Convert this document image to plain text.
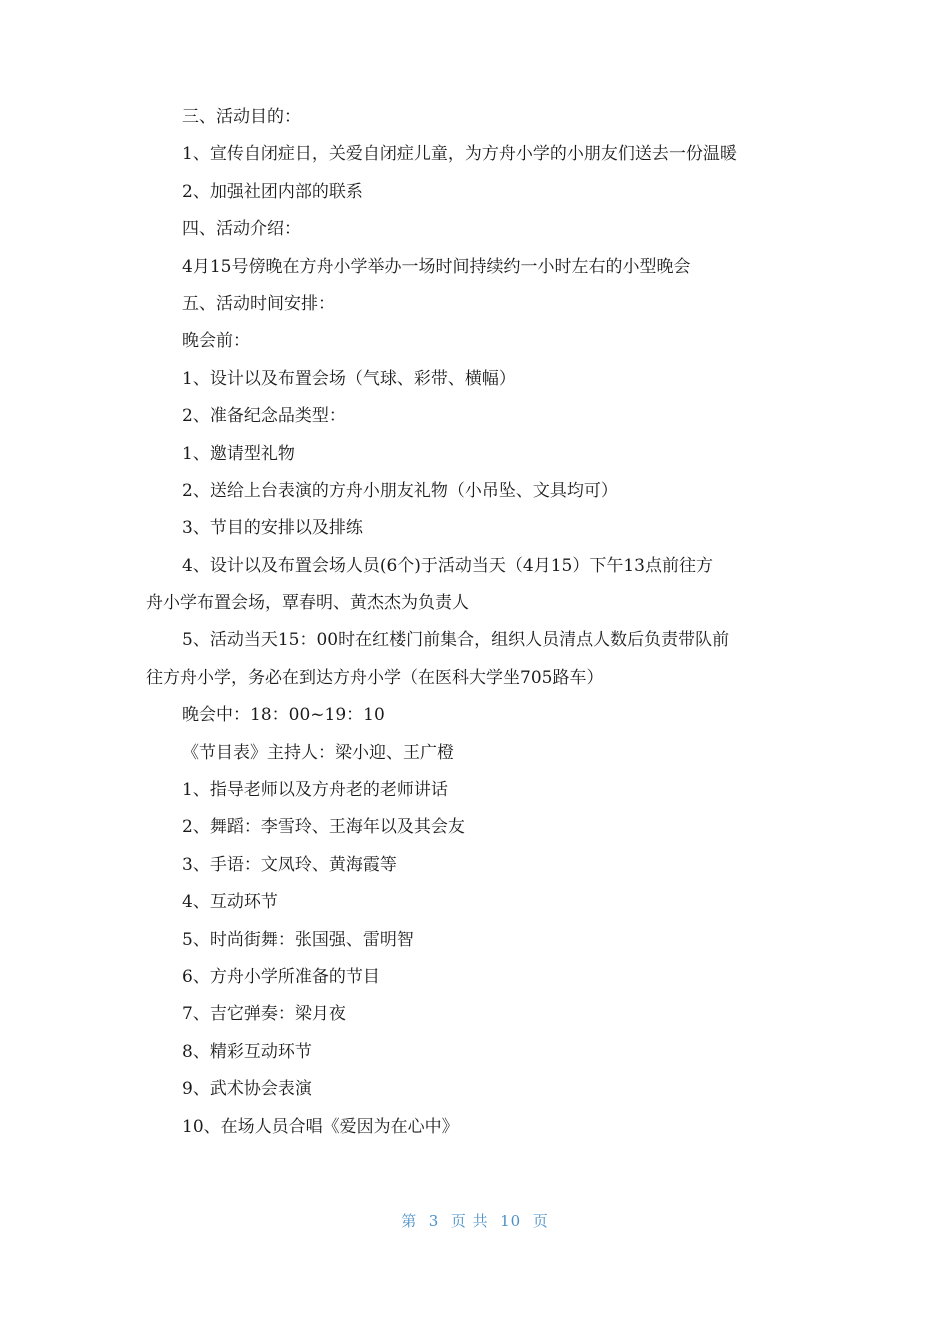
三、活动目的：
1、宣传自闭症日，关爱自闭症儿童，为方舟小学的小朋友们送去一份温暖
2、加强社团内部的联系
四、活动介绍：
4月15号傍晚在方舟小学举办一场时间持续约一小时左右的小型晚会
五、活动时间安排：
晚会前：
1、设计以及布置会场（气球、彩带、横幅）
2、准备纪念品类型：
1、邀请型礼物
2、送给上台表演的方舟小朋友礼物（小吊坠、文具均可）
3、节目的安排以及排练
4、设计以及布置会场人员(6个)于活动当天（4月15）下午13点前往方
舟小学布置会场，覃春明、黄杰杰为负责人
5、活动当天15：00时在红楼门前集合，组织人员清点人数后负责带队前
往方舟小学，务必在到达方舟小学（在医科大学坐705路车）
晚会中：18：00~19：10
《节目表》主持人：梁小迎、王广橙
1、指导老师以及方舟老的老师讲话
2、舞蹈：李雪玲、王海年以及其会友
3、手语：文凤玲、黄海霞等
4、互动环节
5、时尚街舞：张国强、雷明智
6、方舟小学所准备的节目
7、吉它弹奏：梁月夜
8、精彩互动环节
9、武术协会表演
10、在场人员合唱《爱因为在心中》
第  3  页 共  10  页
